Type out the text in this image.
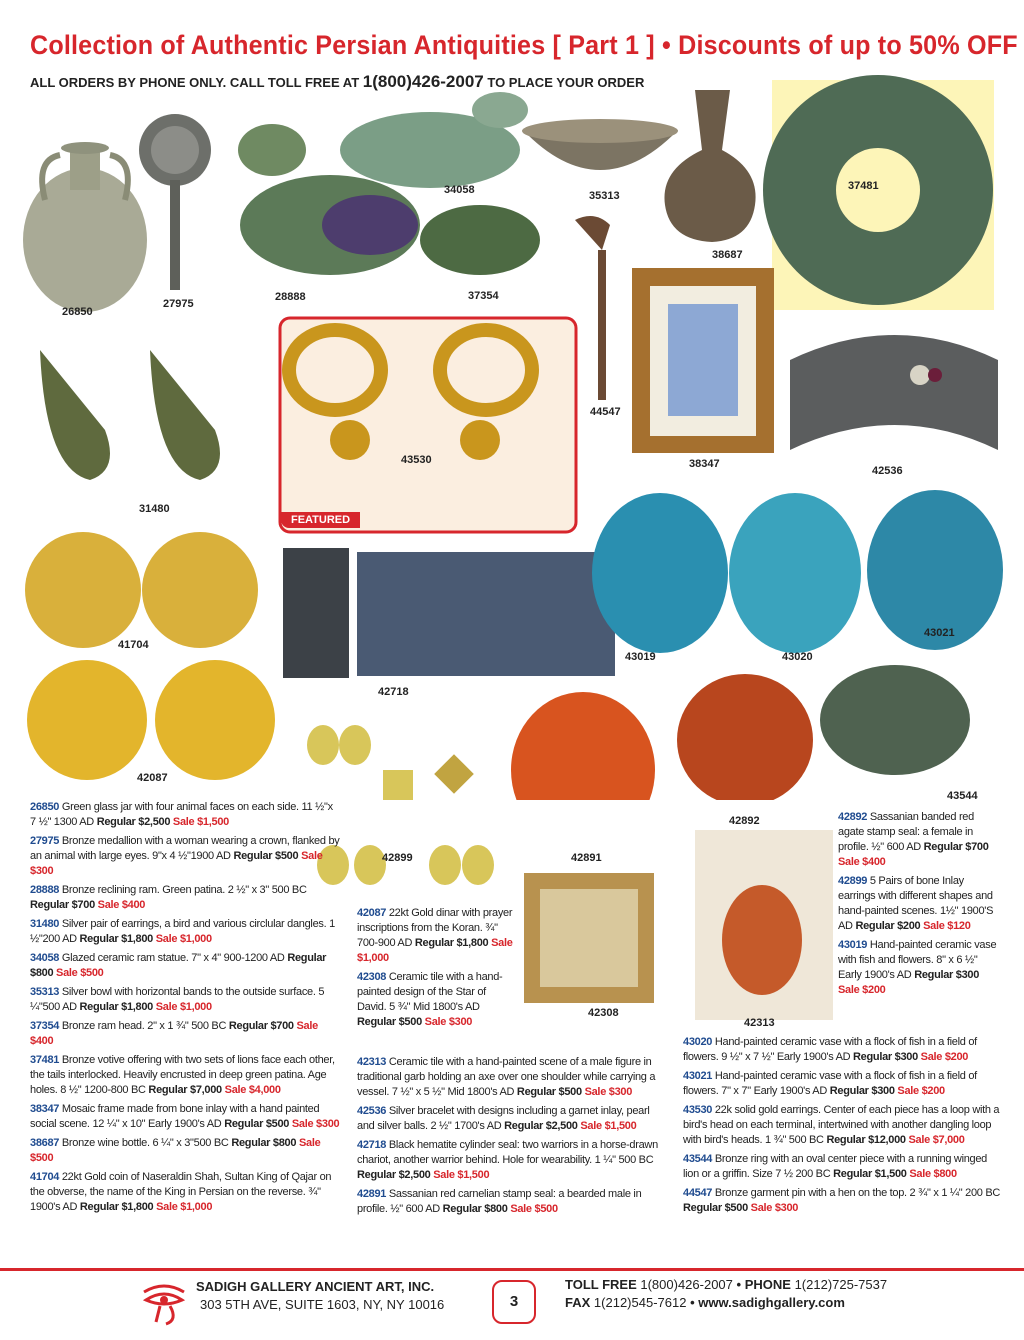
Collection of Authentic Persian Antiquities [ Part 1 ] • Discounts of up to 50% OFF
ALL ORDERS BY PHONE ONLY. CALL TOLL FREE AT 1(800)426-2007 TO PLACE YOUR ORDER
26850
27975
28888
34058	35313
37354
38687
37481
31480
43530
44547
38347
42536
FEATURED
41704
42718
43019	43020
43021
42087
42899	42891
42892
43544
42308
42313
26850 Green glass jar with four animal faces on each side. 11 ½"x 7 ½" 1300 AD Regular $2,500 Sale $1,500
27975 Bronze medallion with a woman wearing a crown, flanked by an animal with large eyes. 9"x 4 ½"1900 AD Regular $500 Sale $300
28888 Bronze reclining ram. Green patina. 2 ½" x 3" 500 BC Regular $700 Sale $400
31480 Silver pair of earrings, a bird and various circlular dangles. 1 ½"200 AD Regular $1,800 Sale $1,000
34058 Glazed ceramic ram statue. 7" x 4" 900-1200 AD Regular $800 Sale $500
35313 Silver bowl with horizontal bands to the outside surface. 5 ¼"500 AD Regular $1,800 Sale $1,000
37354 Bronze ram head. 2" x 1 ¾" 500 BC Regular $700 Sale $400
37481 Bronze votive offering with two sets of lions face each other, the tails interlocked. Heavily encrusted in deep green patina. Age holes. 8 ½" 1200-800 BC Regular $7,000 Sale $4,000
38347 Mosaic frame made from bone inlay with a hand painted social scene. 12 ¼" x 10" Early 1900's AD Regular $500 Sale $300
38687 Bronze wine bottle. 6 ¼" x 3"500 BC Regular $800 Sale $500
41704 22kt Gold coin of Naseraldin Shah, Sultan King of Qajar on the obverse, the name of the King in Persian on the reverse. ¾" 1900's AD Regular $1,800 Sale $1,000
42087 22kt Gold dinar with prayer inscriptions from the Koran. ¾" 700-900 AD Regular $1,800 Sale $1,000
42308 Ceramic tile with a hand-painted design of the Star of David. 5 ¾" Mid 1800's AD Regular $500 Sale $300
42313 Ceramic tile with a hand-painted scene of a male figure in traditional garb holding an axe over one shoulder while carrying a vessel. 7 ½" x 5 ½" Mid 1800's AD Regular $500 Sale $300
42536 Silver bracelet with designs including a garnet inlay, pearl and silver balls. 2 ½" 1700's AD Regular $2,500 Sale $1,500
42718 Black hematite cylinder seal: two warriors in a horse-drawn chariot, another warrior behind. Hole for wearability. 1 ¼" 500 BC Regular $2,500 Sale $1,500
42891 Sassanian red carnelian stamp seal: a bearded male in profile. ½" 600 AD Regular $800 Sale $500
42892 Sassanian banded red agate stamp seal: a female in profile. ½" 600 AD Regular $700 Sale $400
42899 5 Pairs of bone Inlay earrings with different shapes and hand-painted scenes. 1½" 1900'S AD Regular $200 Sale $120
43019 Hand-painted ceramic vase with fish and flowers. 8" x 6 ½" Early 1900's AD Regular $300 Sale $200
43020 Hand-painted ceramic vase with a flock of fish in a field of flowers. 9 ½" x 7 ½" Early 1900's AD Regular $300 Sale $200
43021 Hand-painted ceramic vase with a flock of fish in a field of flowers. 7" x 7" Early 1900's AD Regular $300 Sale $200
43530 22k solid gold earrings. Center of each piece has a loop with a bird's head on each terminal, intertwined with another dangling loop with bird's heads. 1 ¾" 500 BC Regular $12,000 Sale $7,000
43544 Bronze ring with an oval center piece with a running winged lion or a griffin. Size 7 ½ 200 BC Regular $1,500 Sale $800
44547 Bronze garment pin with a hen on the top. 2 ¾" x 1 ¼" 200 BC Regular $500 Sale $300
SADIGH GALLERY ANCIENT ART, INC.
303 5TH AVE, SUITE 1603, NY, NY 10016	3
TOLL FREE 1(800)426-2007 • PHONE 1(212)725-7537
FAX 1(212)545-7612 • www.sadighgallery.com
